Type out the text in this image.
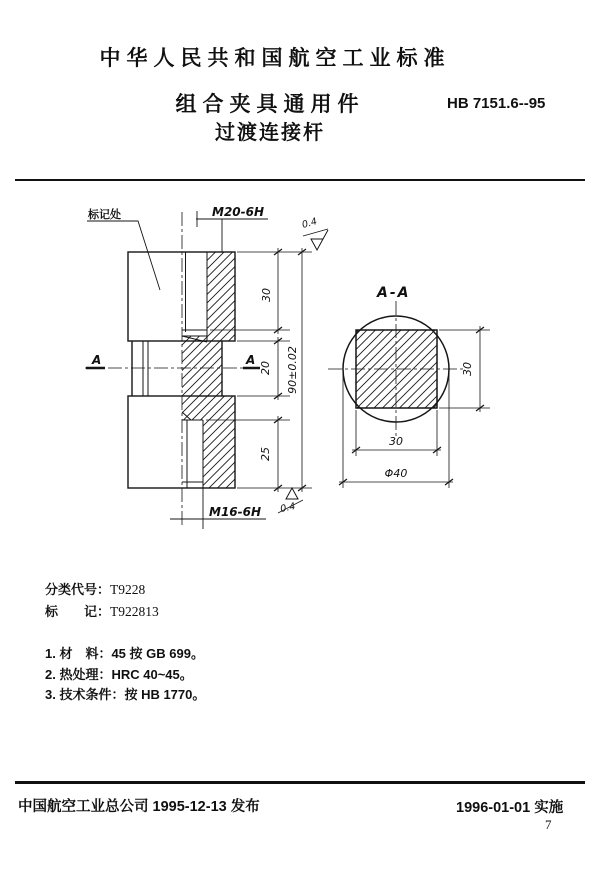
中华人民共和国航空工业标准
组合夹具通用件
过渡连接杆
HB 7151.6--95
标记处	M20-6H
M16-6H
A	A
30
20
25
90±0.02
0.4
0.4
A-A
30
30
Φ40
分类代号：T9228
标　　记：T922813
1. 材　料：45 按 GB 699。
2. 热处理：HRC 40~45。
3. 技术条件：按 HB 1770。
中国航空工业总公司 1995-12-13 发布	1996-01-01 实施
7
